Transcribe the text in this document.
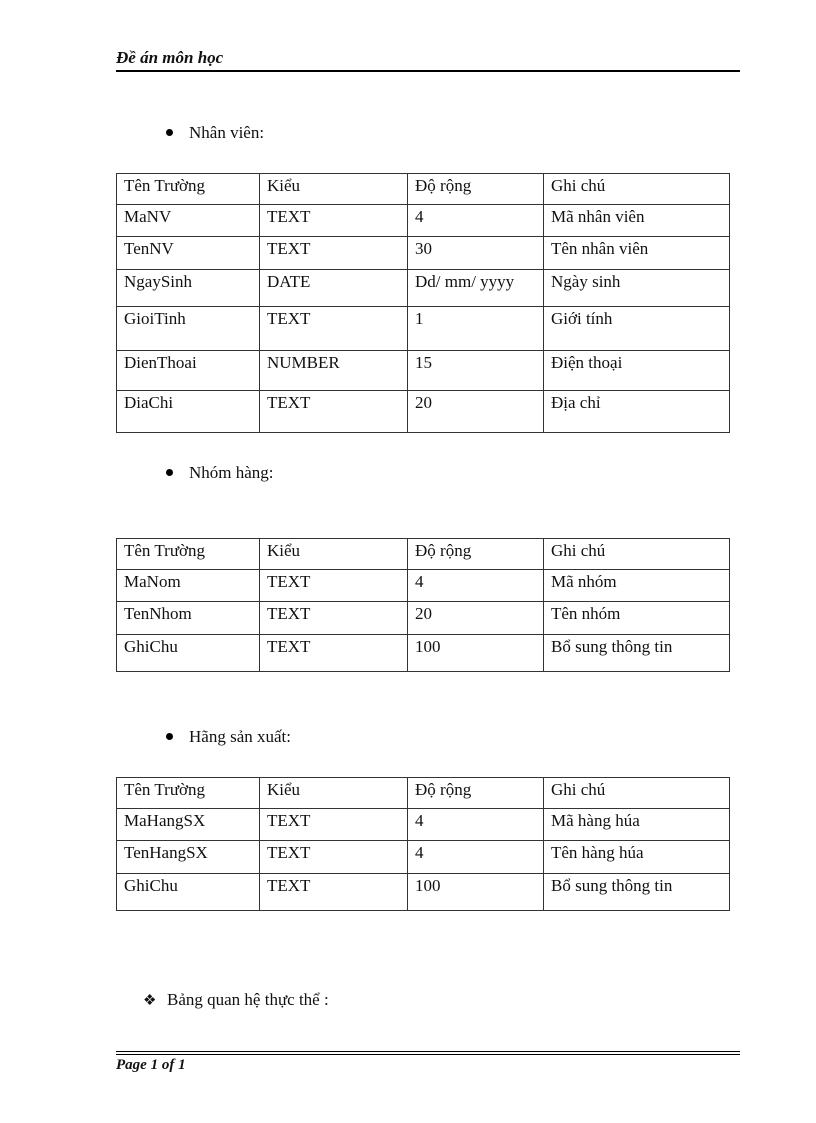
Đề án môn học
Nhân viên:
Tên Trường	Kiểu	Độ rộng	Ghi chú
MaNV	TEXT	4	Mã nhân viên
TenNV	TEXT	30	Tên nhân viên
NgaySinh	DATE	Dd/ mm/ yyyy	Ngày sinh
GioiTinh	TEXT	1	Giới tính
DienThoai	NUMBER	15	Điện thoại
DiaChi	TEXT	20	Địa chỉ
Nhóm hàng:
Tên Trường	Kiểu	Độ rộng	Ghi chú
MaNom	TEXT	4	Mã nhóm
TenNhom	TEXT	20	Tên nhóm
GhiChu	TEXT	100	Bổ sung thông tin
Hãng sản xuất:
Tên Trường	Kiểu	Độ rộng	Ghi chú
MaHangSX	TEXT	4	Mã hàng húa
TenHangSX	TEXT	4	Tên hàng húa
GhiChu	TEXT	100	Bổ sung thông tin
❖ Bảng quan hệ thực thể :
Page 1 of 1
